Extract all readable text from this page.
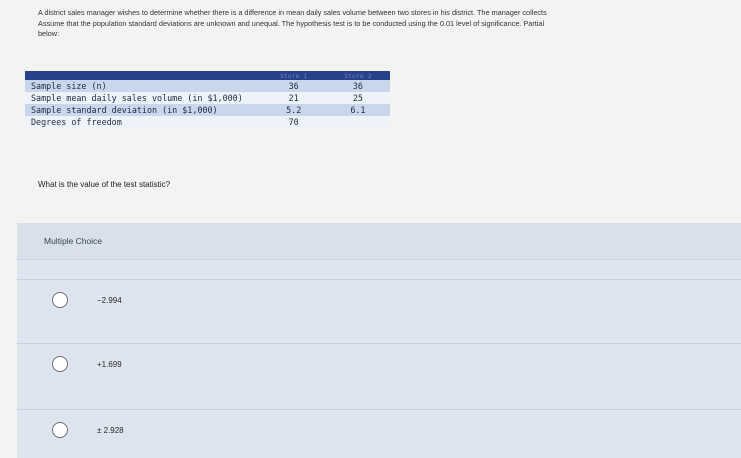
A district sales manager wishes to determine whether there is a difference in mean daily sales volume between two stores in his district. The manager collects

Assume that the population standard deviations are unknown and unequal. The hypothesis test is to be conducted using the 0.01 level of significance. Partial

below:

	Store 1	Store 2
Sample size (n)	36	36
Sample mean daily sales volume (in $1,000)	21	25
Sample standard deviation (in $1,000)	5.2	6.1
Degrees of freedom	70	
What is the value of the test statistic?
Multiple Choice
−2.994
+1.699
± 2.928
